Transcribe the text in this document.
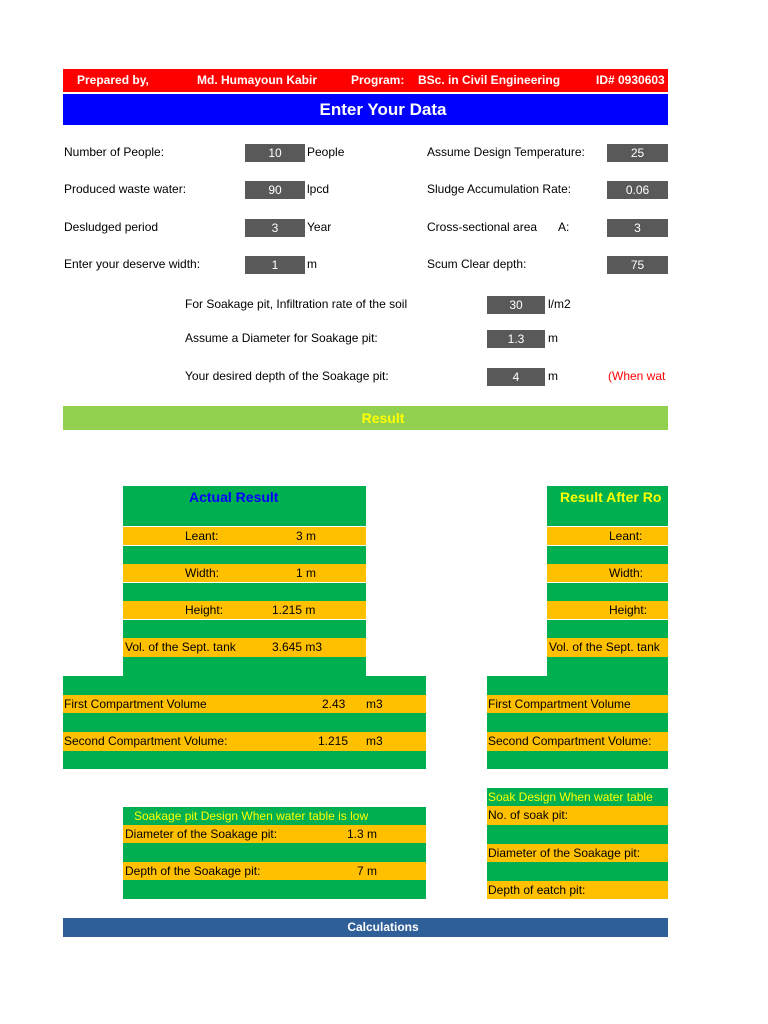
Prepared by,	Md. Humayoun Kabir	Program: BSc. in Civil Engineering	ID# 0930603
Enter Your Data
Number of People:	10	People
Produced waste water:	90	lpcd
Desludged period	3	Year
Enter your deserve width:	1	m
Assume Design Temperature:	25
Sludge Accumulation Rate:	0.06
Cross-sectional area A:	3
Scum Clear depth:	75
For Soakage pit, Infiltration rate of the soil	30	l/m2
Assume a Diameter for Soakage pit:	1.3	m
Your desired depth of the Soakage pit:	4	m	(When wat
Result
Actual Result
Leant:	3 m
Width:	1 m
Height:	1.215 m
Vol. of the Sept. tank	3.645 m3
First Compartment Volume	2.43 m3
Second Compartment Volume:	1.215 m3
Result After Ro
Leant:
Width:
Height:
Vol. of the Sept. tank
First Compartment Volume
Second Compartment Volume:
Soakage pit Design When water table is low
Diameter of the Soakage pit:	1.3 m
Depth of the Soakage pit:	7 m
Soak Design When water table
No. of soak pit:
Diameter of the Soakage pit:
Depth of eatch pit:
Calculations
